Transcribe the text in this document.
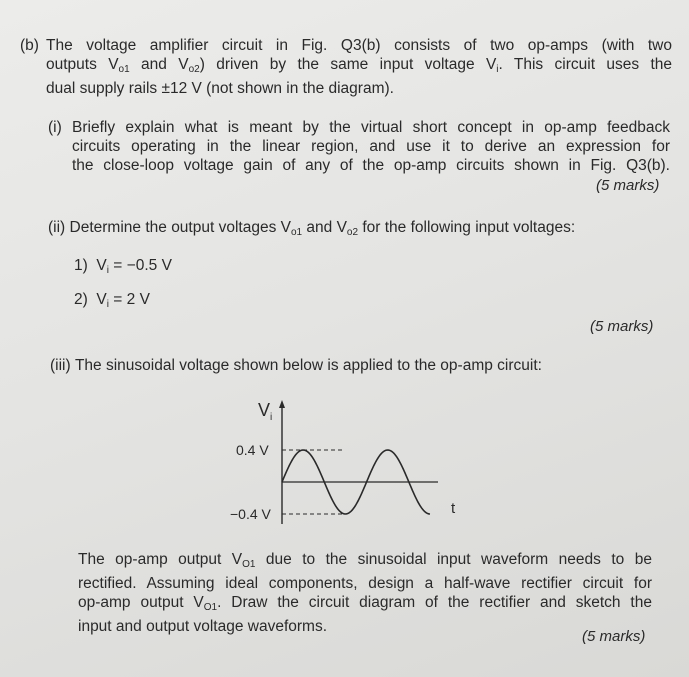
(b) The voltage amplifier circuit in Fig. Q3(b) consists of two op-amps (with two
outputs $V_{o1}$ and $V_{o2}$) driven by the same input voltage $V_i$. This circuit uses the
dual supply rails ±12 V (not shown in the diagram).
(i) Briefly explain what is meant by the virtual short concept in op-amp feedback
circuits operating in the linear region, and use it to derive an expression for
the close-loop voltage gain of any of the op-amp circuits shown in Fig. Q3(b).
(5 marks)
(ii) Determine the output voltages $V_{o1}$ and $V_{o2}$ for the following input voltages:
1) $V_i = -0.5$ V
2) $V_i = 2$ V
(5 marks)
(iii) The sinusoidal voltage shown below is applied to the op-amp circuit:
V i
t
0.4 V
−0.4 V
The op-amp output $V_{O1}$ due to the sinusoidal input waveform needs to be
rectified. Assuming ideal components, design a half-wave rectifier circuit for
op-amp output $V_{O1}$. Draw the circuit diagram of the rectifier and sketch the
input and output voltage waveforms.
(5 marks)
